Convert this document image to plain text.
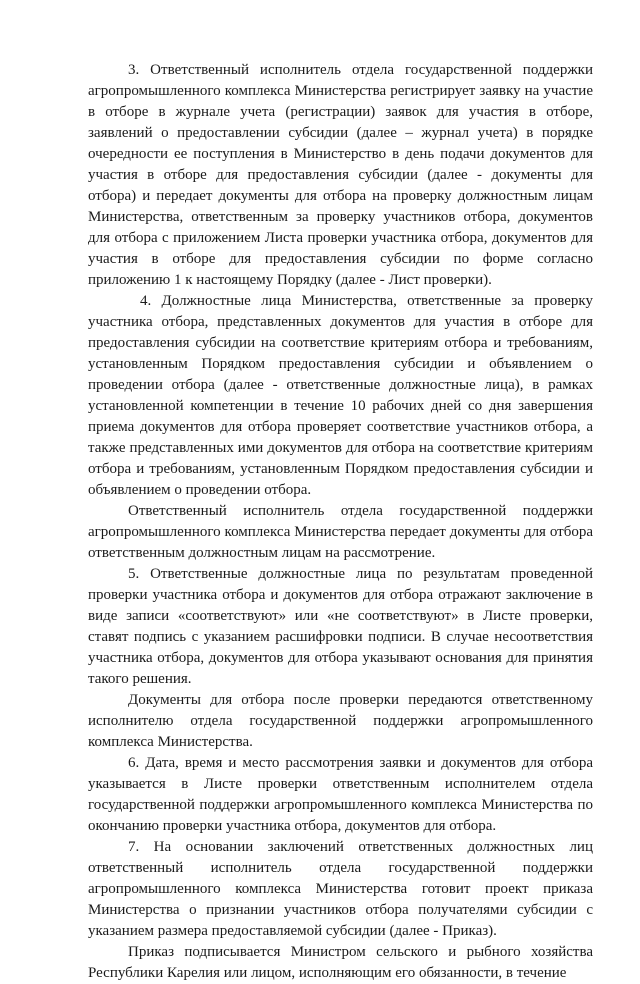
3. Ответственный исполнитель отдела государственной поддержки агропромышленного комплекса Министерства регистрирует заявку на участие в отборе в журнале учета (регистрации) заявок для участия в отборе, заявлений о предоставлении субсидии (далее – журнал учета) в порядке очередности ее поступления в Министерство в день подачи документов для участия в отборе для предоставления субсидии (далее - документы для отбора) и передает документы для отбора на проверку должностным лицам Министерства, ответственным за проверку участников отбора, документов для отбора с приложением Листа проверки участника отбора, документов для участия в отборе для предоставления субсидии по форме согласно приложению 1 к настоящему Порядку (далее - Лист проверки).

4. Должностные лица Министерства, ответственные за проверку участника отбора, представленных документов для участия в отборе для предоставления субсидии на соответствие критериям отбора и требованиям, установленным Порядком предоставления субсидии и объявлением о проведении отбора (далее - ответственные должностные лица), в рамках установленной компетенции в течение 10 рабочих дней со дня завершения приема документов для отбора проверяет соответствие участников отбора, а также представленных ими документов для отбора на соответствие критериям отбора и требованиям, установленным Порядком предоставления субсидии и объявлением о проведении отбора.

Ответственный исполнитель отдела государственной поддержки агропромышленного комплекса Министерства передает документы для отбора ответственным должностным лицам на рассмотрение.

5. Ответственные должностные лица по результатам проведенной проверки участника отбора и документов для отбора отражают заключение в виде записи «соответствуют» или «не соответствуют» в Листе проверки, ставят подпись с указанием расшифровки подписи. В случае несоответствия участника отбора, документов для отбора указывают основания для принятия такого решения.

Документы для отбора после проверки передаются ответственному исполнителю отдела государственной поддержки агропромышленного комплекса Министерства.

6. Дата, время и место рассмотрения заявки и документов для отбора указывается в Листе проверки ответственным исполнителем отдела государственной поддержки агропромышленного комплекса Министерства по окончанию проверки участника отбора, документов для отбора.

7. На основании заключений ответственных должностных лиц ответственный исполнитель отдела государственной поддержки агропромышленного комплекса Министерства готовит проект приказа Министерства о признании участников отбора получателями субсидии с указанием размера предоставляемой субсидии (далее - Приказ).

Приказ подписывается Министром сельского и рыбного хозяйства Республики Карелия или лицом, исполняющим его обязанности, в течение
